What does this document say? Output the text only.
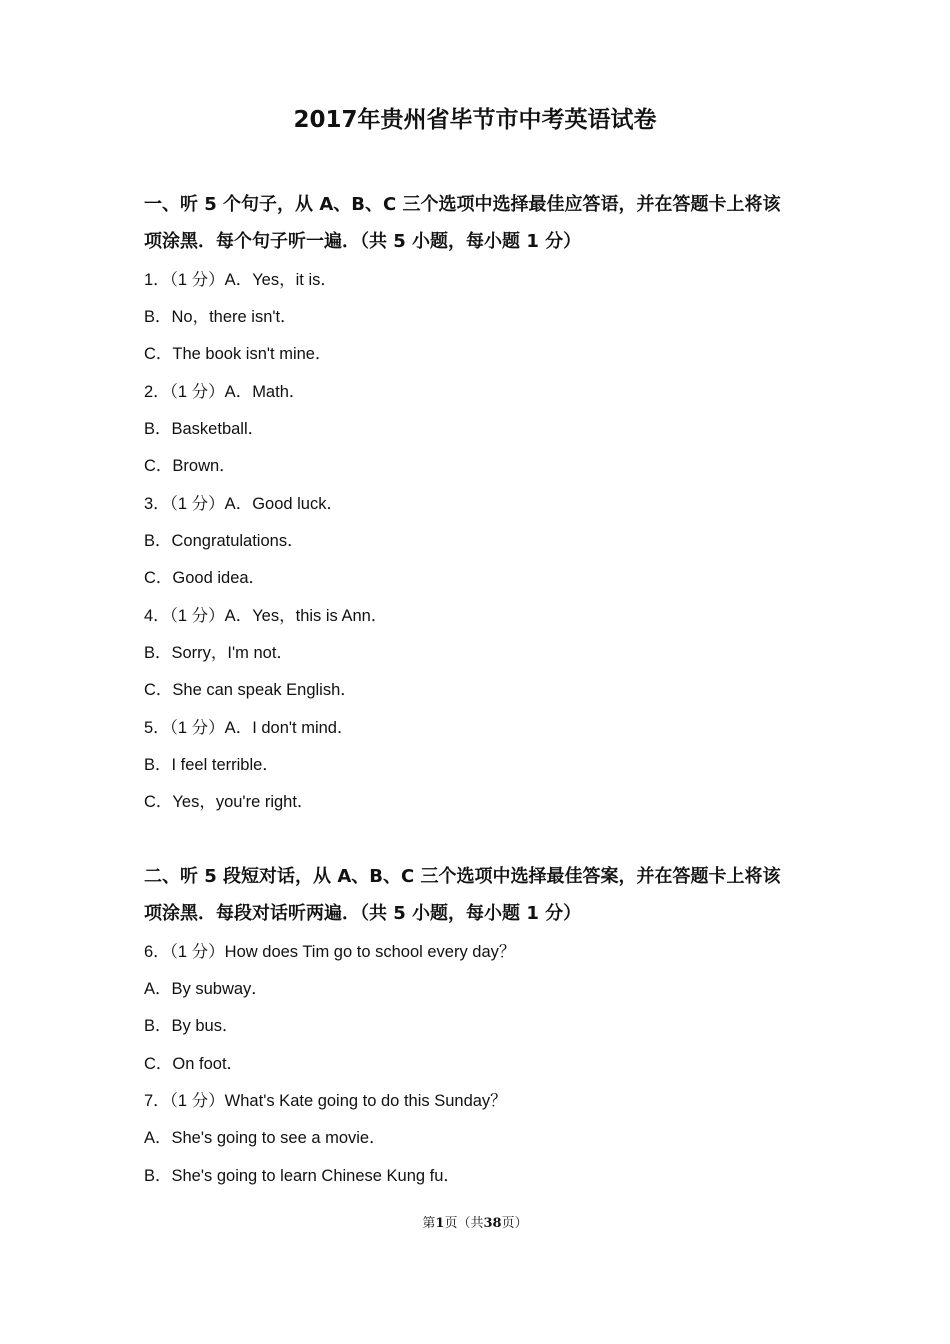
2017年贵州省毕节市中考英语试卷
一、听 5 个句子，从 A、B、C 三个选项中选择最佳应答语，并在答题卡上将该
项涂黑．每个句子听一遍．（共 5 小题，每小题 1 分）
1．（1 分）A．Yes，it is．
B．No，there isn't．
C．The book isn't mine．
2．（1 分）A．Math．
B．Basketball．
C．Brown．
3．（1 分）A．Good luck．
B．Congratulations．
C．Good idea．
4．（1 分）A．Yes，this is Ann．
B．Sorry，I'm not．
C．She can speak English．
5．（1 分）A．I don't mind．
B．I feel terrible．
C．Yes，you're right．
二、听 5 段短对话，从 A、B、C 三个选项中选择最佳答案，并在答题卡上将该
项涂黑．每段对话听两遍．（共 5 小题，每小题 1 分）
6．（1 分）How does Tim go to school every day？
A．By subway．
B．By bus．
C．On foot．
7．（1 分）What's Kate going to do this Sunday？
A．She's going to see a movie．
B．She's going to learn Chinese Kung fu．
第1页（共38页）
